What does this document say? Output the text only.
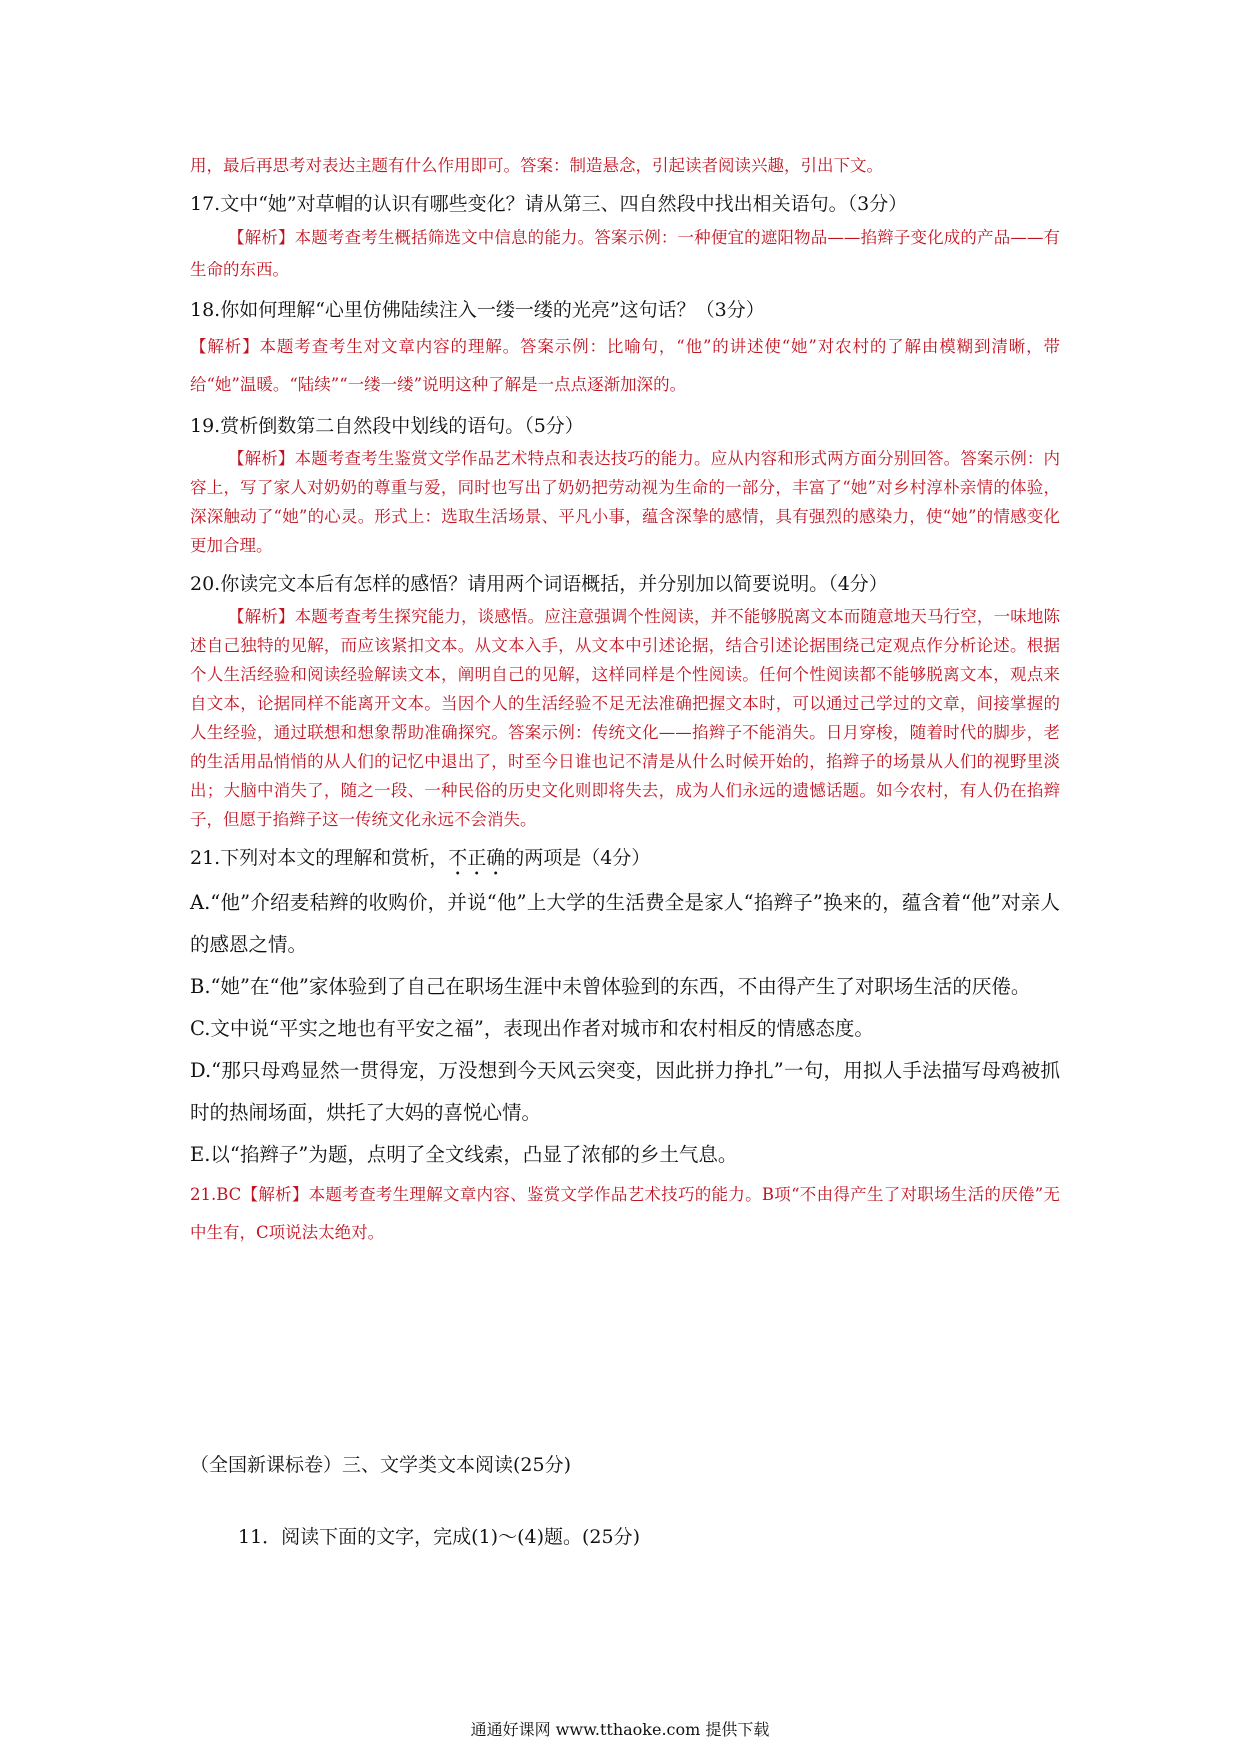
用，最后再思考对表达主题有什么作用即可。答案：制造悬念，引起读者阅读兴趣，引出下文。

17.文中“她”对草帽的认识有哪些变化？请从第三、四自然段中找出相关语句。（3分）

【解析】本题考查考生概括筛选文中信息的能力。答案示例：一种便宜的遮阳物品——掐辫子变化成的产品——有生命的东西。

18.你如何理解“心里仿佛陆续注入一缕一缕的光亮”这句话？（3分）

【解析】本题考查考生对文章内容的理解。答案示例：比喻句，“他”的讲述使“她”对农村的了解由模糊到清晰，带给“她”温暖。“陆续”“一缕一缕”说明这种了解是一点点逐渐加深的。

19.赏析倒数第二自然段中划线的语句。（5分）

【解析】本题考查考生鉴赏文学作品艺术特点和表达技巧的能力。应从内容和形式两方面分别回答。答案示例：内容上，写了家人对奶奶的尊重与爱，同时也写出了奶奶把劳动视为生命的一部分，丰富了“她”对乡村淳朴亲情的体验，深深触动了“她”的心灵。形式上：选取生活场景、平凡小事，蕴含深挚的感情，具有强烈的感染力，使“她”的情感变化更加合理。

20.你读完文本后有怎样的感悟？请用两个词语概括，并分别加以简要说明。（4分）

【解析】本题考查考生探究能力，谈感悟。应注意强调个性阅读，并不能够脱离文本而随意地天马行空，一味地陈述自己独特的见解，而应该紧扣文本。从文本入手，从文本中引述论据，结合引述论据围绕己定观点作分析论述。根据个人生活经验和阅读经验解读文本，阐明自己的见解，这样同样是个性阅读。任何个性阅读都不能够脱离文本，观点来自文本，论据同样不能离开文本。当因个人的生活经验不足无法准确把握文本时，可以通过己学过的文章，间接掌握的人生经验，通过联想和想象帮助准确探究。答案示例：传统文化——掐辫子不能消失。日月穿梭，随着时代的脚步，老的生活用品悄悄的从人们的记忆中退出了，时至今日谁也记不清是从什么时候开始的，掐辫子的场景从人们的视野里淡出；大脑中消失了，随之一段、一种民俗的历史文化则即将失去，成为人们永远的遗憾话题。如今农村，有人仍在掐辫子，但愿于掐辫子这一传统文化永远不会消失。

21.下列对本文的理解和赏析，不正确的两项是（4分）

A.“他”介绍麦秸辫的收购价，并说“他”上大学的生活费全是家人“掐辫子”换来的，蕴含着“他”对亲人的感恩之情。

B.“她”在“他”家体验到了自己在职场生涯中未曾体验到的东西，不由得产生了对职场生活的厌倦。

C.文中说“平实之地也有平安之福”，表现出作者对城市和农村相反的情感态度。

D.“那只母鸡显然一贯得宠，万没想到今天风云突变，因此拼力挣扎”一句，用拟人手法描写母鸡被抓时的热闹场面，烘托了大妈的喜悦心情。

E.以“掐辫子”为题，点明了全文线索，凸显了浓郁的乡土气息。

21.BC【解析】本题考查考生理解文章内容、鉴赏文学作品艺术技巧的能力。B项“不由得产生了对职场生活的厌倦”无中生有，C项说法太绝对。

（全国新课标卷）三、文学类文本阅读(25分)
11．阅读下面的文字，完成(1)～(4)题。(25分)
通通好课网 www.tthaoke.com 提供下载
